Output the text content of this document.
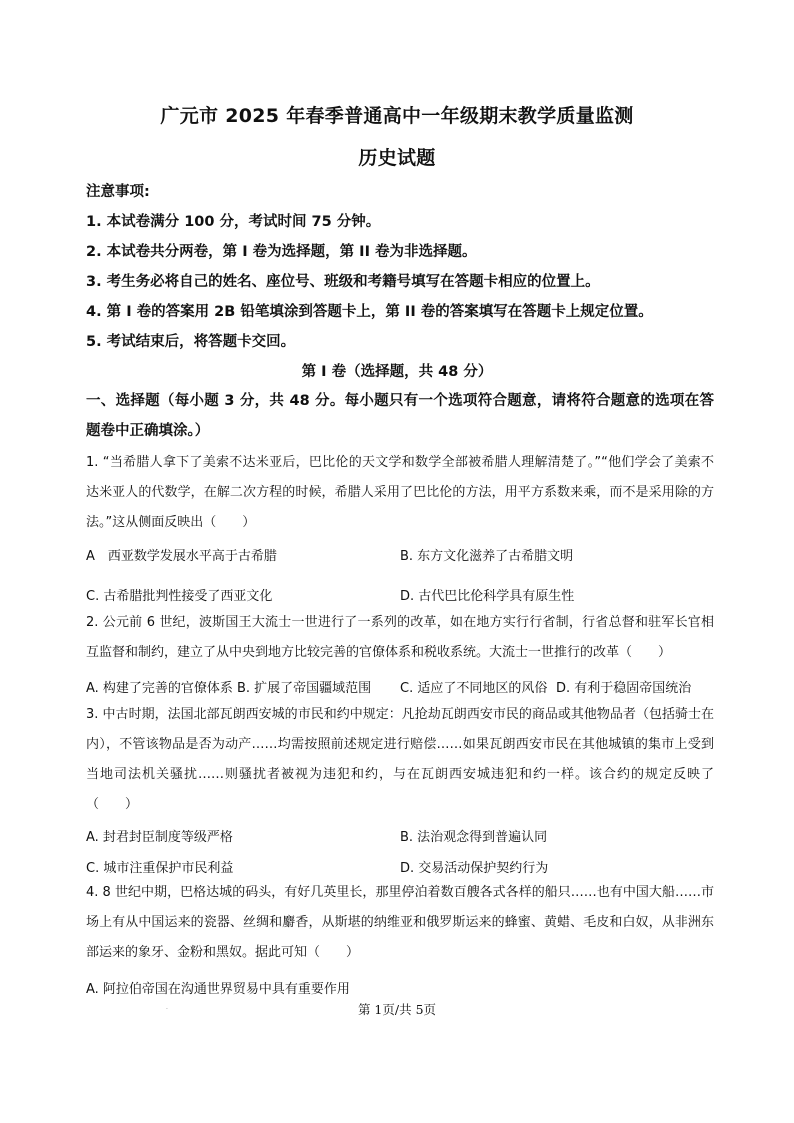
广元市 2025 年春季普通高中一年级期末教学质量监测
历史试题
注意事项:
1. 本试卷满分 100 分，考试时间 75 分钟。
2. 本试卷共分两卷，第 I 卷为选择题，第 II 卷为非选择题。
3. 考生务必将自己的姓名、座位号、班级和考籍号填写在答题卡相应的位置上。
4. 第 I 卷的答案用 2B 铅笔填涂到答题卡上，第 II 卷的答案填写在答题卡上规定位置。
5. 考试结束后，将答题卡交回。
第 I 卷（选择题，共 48 分）
一、选择题（每小题 3 分，共 48 分。每小题只有一个选项符合题意，请将符合题意的选项在答题卷中正确填涂。）
1. “当希腊人拿下了美索不达米亚后，巴比伦的天文学和数学全部被希腊人理解清楚了。”“他们学会了美索不达米亚人的代数学，在解二次方程的时候，希腊人采用了巴比伦的方法，用平方系数来乘，而不是采用除的方法。”这从侧面反映出（　　）
A　西亚数学发展水平高于古希腊	B. 东方文化滋养了古希腊文明
C. 古希腊批判性接受了西亚文化	D. 古代巴比伦科学具有原生性
2. 公元前 6 世纪，波斯国王大流士一世进行了一系列的改革，如在地方实行行省制，行省总督和驻军长官相互监督和制约，建立了从中央到地方比较完善的官僚体系和税收系统。大流士一世推行的改革（　　）
A. 构建了完善的官僚体系 B. 扩展了帝国疆域范围 C. 适应了不同地区的风俗 D. 有利于稳固帝国统治
3. 中古时期，法国北部瓦朗西安城的市民和约中规定：凡抢劫瓦朗西安市民的商品或其他物品者（包括骑士在内），不管该物品是否为动产……均需按照前述规定进行赔偿……如果瓦朗西安市民在其他城镇的集市上受到当地司法机关骚扰……则骚扰者被视为违犯和约，与在瓦朗西安城违犯和约一样。该合约的规定反映了（　　）
A. 封君封臣制度等级严格	B. 法治观念得到普遍认同
C. 城市注重保护市民利益	D. 交易活动保护契约行为
4. 8 世纪中期，巴格达城的码头，有好几英里长，那里停泊着数百艘各式各样的船只……也有中国大船……市场上有从中国运来的瓷器、丝绸和麝香，从斯堪的纳维亚和俄罗斯运来的蜂蜜、黄蜡、毛皮和白奴，从非洲东部运来的象牙、金粉和黑奴。据此可知（　　）
A. 阿拉伯帝国在沟通世界贸易中具有重要作用
·	第 1页/共 5页
